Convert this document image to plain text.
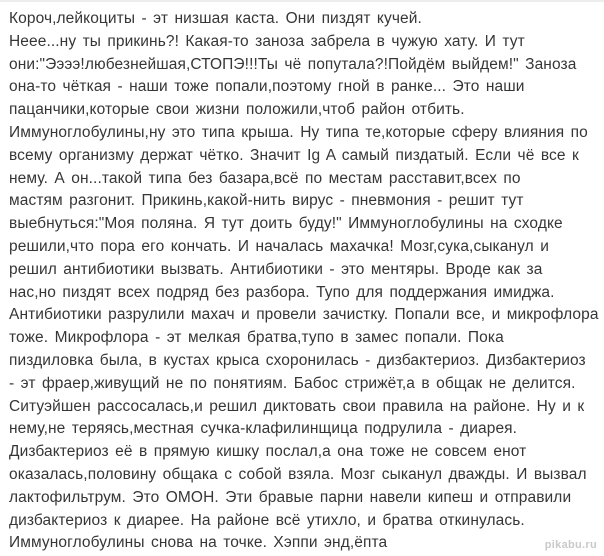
Короч,лейкоциты - эт низшая каста. Они пиздят кучей.
Неее...ну ты прикинь?! Какая-то заноза забрела в чужую хату. И тут
они:"Ээээ!любезнейшая,СТОПЭ!!!Ты чё попутала?!Пойдём выйдем!" Заноза
она-то чёткая - наши тоже попали,поэтому гной в ранке... Это наши
пацанчики,которые свои жизни положили,чтоб район отбить.
Иммуноглобулины,ну это типа крыша. Ну типа те,которые сферу влияния по
всему организму держат чётко. Значит Ig A самый пиздатый. Если чё все к
нему. А он...такой типа без базара,всё по местам расставит,всех по
мастям разгонит. Прикинь,какой-нить вирус - пневмония - решит тут
выебнуться:"Моя поляна. Я тут доить буду!" Иммуноглобулины на сходке
решили,что пора его кончать. И началась махачка! Мозг,сука,сыканул и
решил антибиотики вызвать. Антибиотики - это ментяры. Вроде как за
нас,но пиздят всех подряд без разбора. Тупо для поддержания имиджа.
Антибиотики разрулили махач и провели зачистку. Попали все, и микрофлора
тоже. Микрофлора - эт мелкая братва,тупо в замес попали. Пока
пиздиловка была, в кустах крыса схоронилась - дизбактериоз. Дизбактериоз
- эт фраер,живущий не по понятиям. Бабос стрижёт,а в общак не делится.
Ситуэйшен рассосалась,и решил диктовать свои правила на районе. Ну и к
нему,не теряясь,местная сучка-клафилинщица подрулила - диарея.
Дизбактериоз её в прямую кишку послал,а она тоже не совсем енот
оказалась,половину общака с собой взяла. Мозг сыканул дважды. И вызвал
лактофильтрум. Это ОМОН. Эти бравые парни навели кипеш и отправили
дизбактериоз к диарее. На районе всё утихло, и братва откинулась.
Иммуноглобулины снова на точке. Хэппи энд,ёпта	pikabu.ru
